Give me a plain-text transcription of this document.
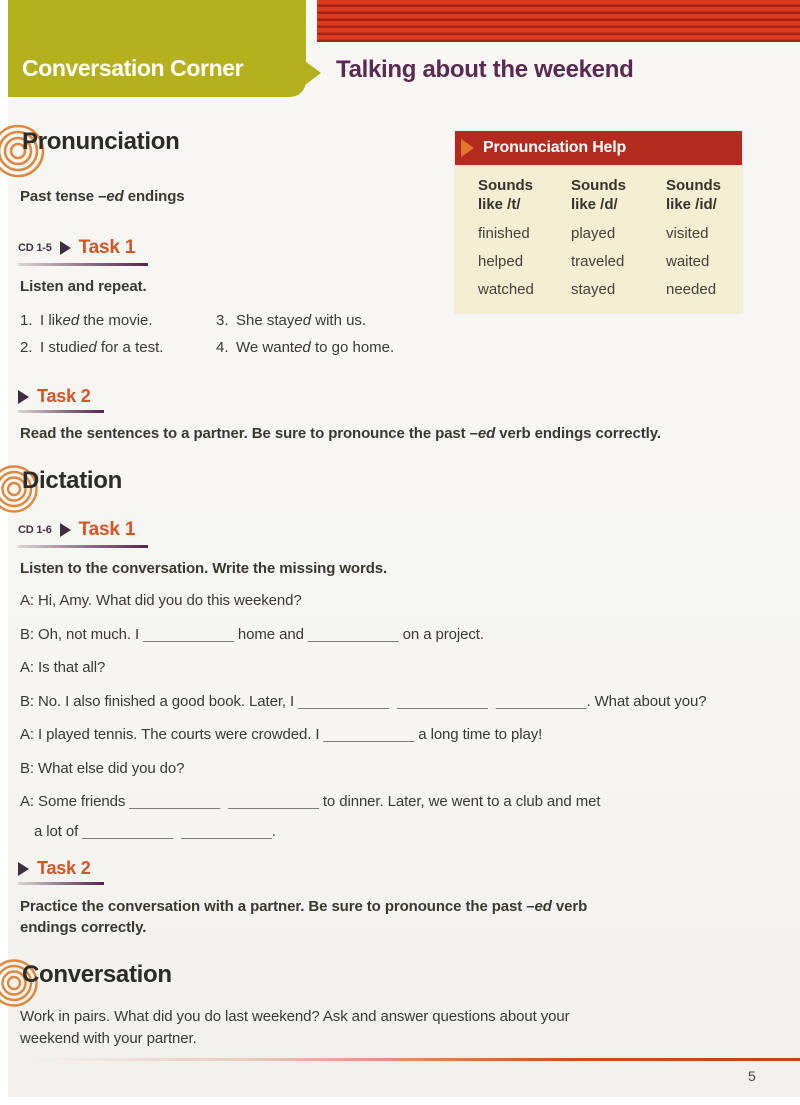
Conversation Corner	Talking about the weekend
Pronunciation
Past tense –ed endings
CD 1-5 Task 1
Listen and repeat.
1. I liked the movie.
2. I studied for a test.
3. She stayed with us.
4. We wanted to go home.
Pronunciation Help
Sounds
like /t/
Sounds
like /d/
Sounds
like /id/
finished	played	visited
helped	traveled	waited
watched	stayed	needed
Task 2
Read the sentences to a partner. Be sure to pronounce the past –ed verb endings correctly.
Dictation
CD 1-6 Task 1
Listen to the conversation. Write the missing words.
A: Hi, Amy. What did you do this weekend?
B: Oh, not much. I ___________ home and ___________ on a project.
A: Is that all?
B: No. I also finished a good book. Later, I ___________ ___________ ___________. What about you?
A: I played tennis. The courts were crowded. I ___________ a long time to play!
B: What else did you do?
A: Some friends ___________ ___________ to dinner. Later, we went to a club and met
a lot of ___________ ___________.
Task 2
Practice the conversation with a partner. Be sure to pronounce the past –ed verb endings correctly.
Conversation
Work in pairs. What did you do last weekend? Ask and answer questions about your weekend with your partner.
5
